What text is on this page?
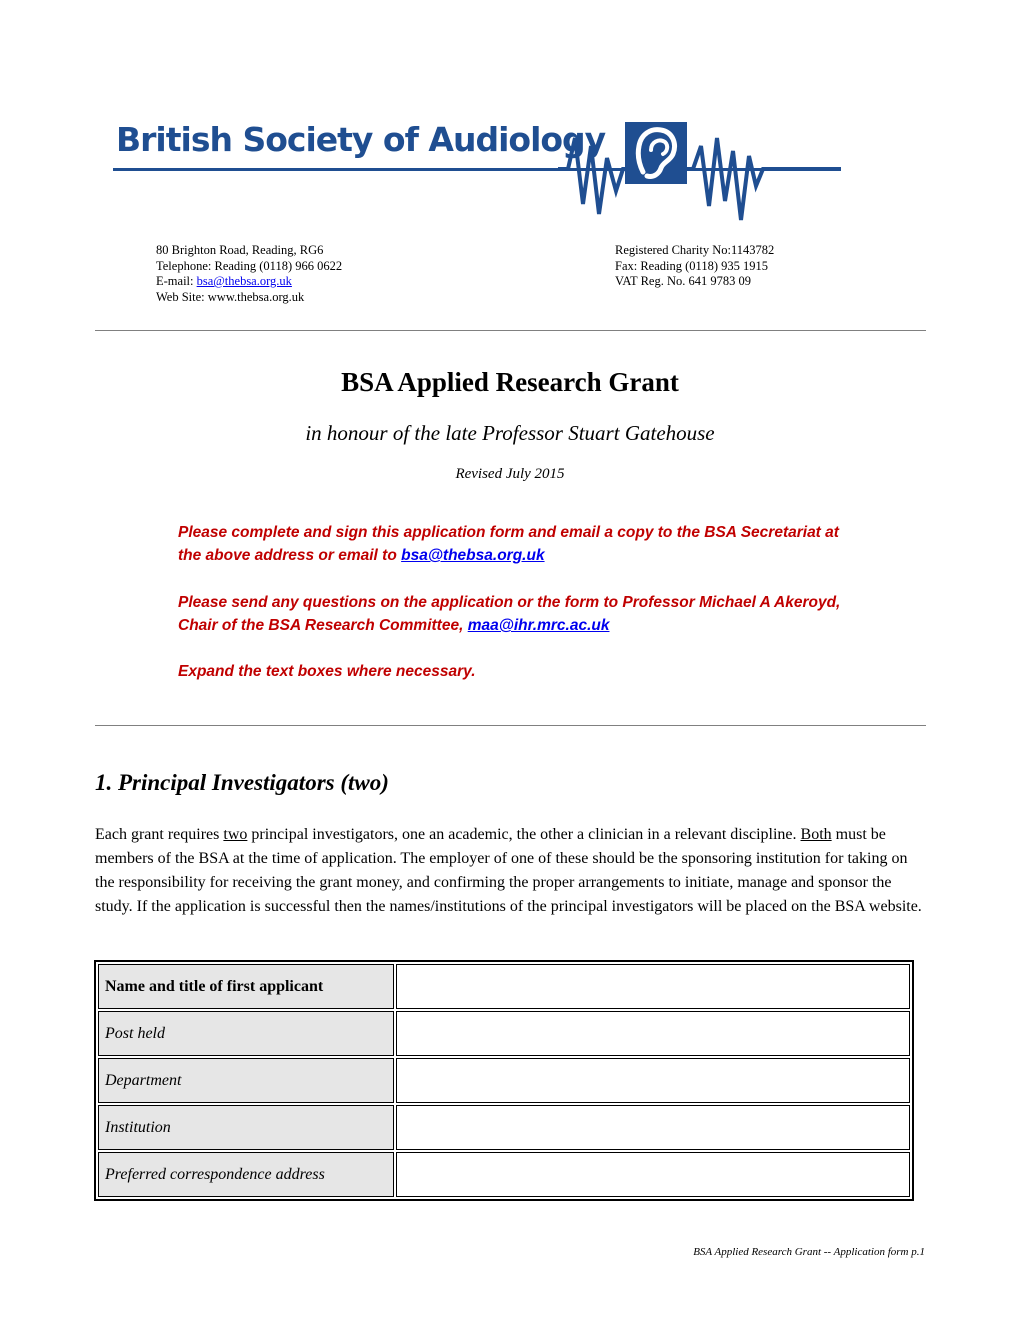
British Society of Audiology
80 Brighton Road, Reading, RG6
Telephone: Reading (0118) 966 0622
E-mail: bsa@thebsa.org.uk
Web Site: www.thebsa.org.uk
Registered Charity No:1143782
Fax: Reading (0118) 935 1915
VAT Reg. No. 641 9783 09
BSA Applied Research Grant
in honour of the late Professor Stuart Gatehouse
Revised July 2015
Please complete and sign this application form and email a copy to the BSA Secretariat at the above address or email to bsa@thebsa.org.uk
Please send any questions on the application or the form to Professor Michael A Akeroyd, Chair of the BSA Research Committee, maa@ihr.mrc.ac.uk
Expand the text boxes where necessary.
1. Principal Investigators (two)
Each grant requires two principal investigators, one an academic, the other a clinician in a relevant discipline. Both must be members of the BSA at the time of application. The employer of one of these should be the sponsoring institution for taking on the responsibility for receiving the grant money, and confirming the proper arrangements to initiate, manage and sponsor the study. If the application is successful then the names/institutions of the principal investigators will be placed on the BSA website.
Name and title of first applicant	
Post held	
Department	
Institution	
Preferred correspondence address	
BSA Applied Research Grant -- Application form p.1
